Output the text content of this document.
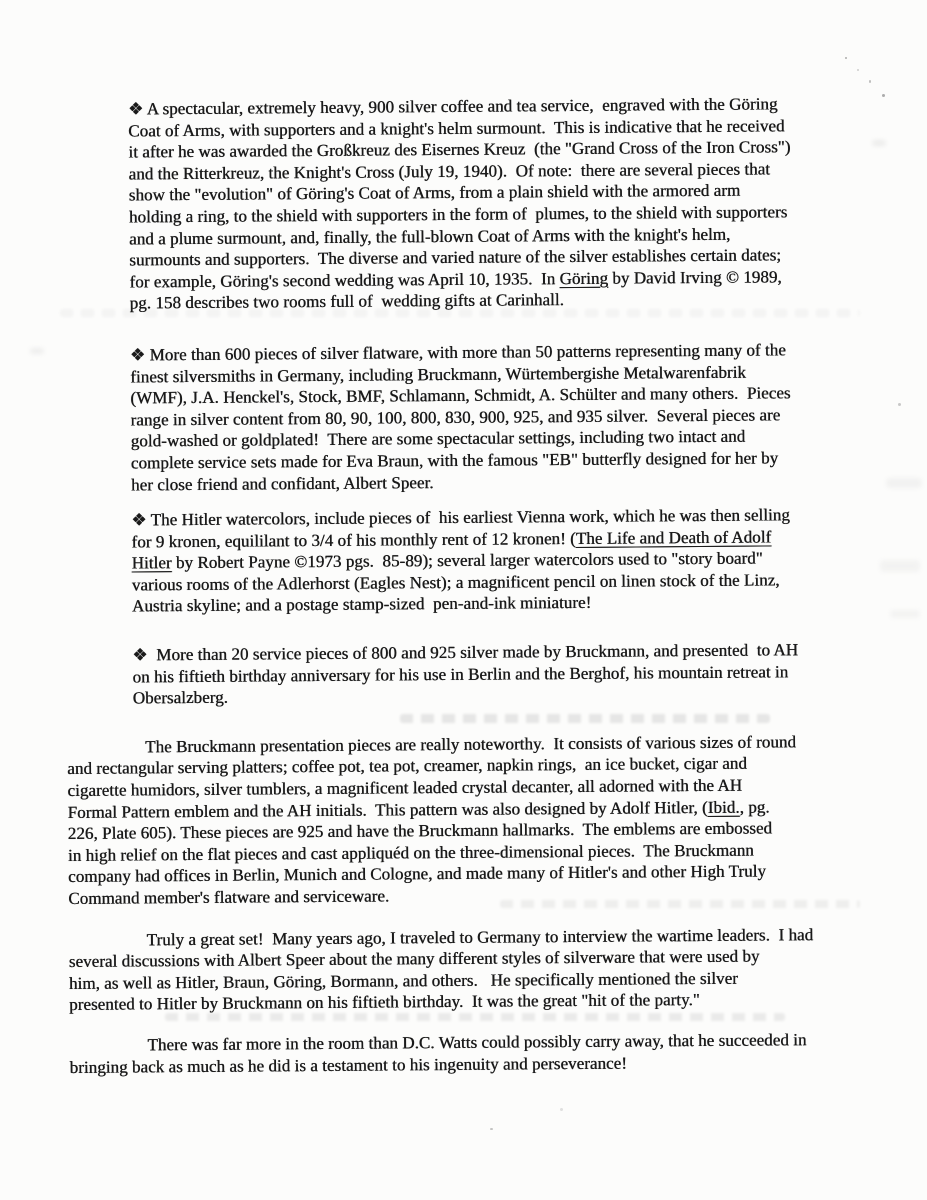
❖ A spectacular, extremely heavy, 900 silver coffee and tea service,  engraved with the Göring
Coat of Arms, with supporters and a knight's helm surmount.  This is indicative that he received
it after he was awarded the Großkreuz des Eisernes Kreuz  (the "Grand Cross of the Iron Cross")
and the Ritterkreuz, the Knight's Cross (July 19, 1940).  Of note:  there are several pieces that
show the "evolution" of Göring's Coat of Arms, from a plain shield with the armored arm
holding a ring, to the shield with supporters in the form of  plumes, to the shield with supporters
and a plume surmount, and, finally, the full-blown Coat of Arms with the knight's helm,
surmounts and supporters.  The diverse and varied nature of the silver establishes certain dates;
for example, Göring's second wedding was April 10, 1935.  In Göring by David Irving © 1989,
pg. 158 describes two rooms full of  wedding gifts at Carinhall.
❖ More than 600 pieces of silver flatware, with more than 50 patterns representing many of the
finest silversmiths in Germany, including Bruckmann, Würtembergishe Metalwarenfabrik
(WMF), J.A. Henckel's, Stock, BMF, Schlamann, Schmidt, A. Schülter and many others.  Pieces
range in silver content from 80, 90, 100, 800, 830, 900, 925, and 935 silver.  Several pieces are
gold-washed or goldplated!  There are some spectacular settings, including two intact and
complete service sets made for Eva Braun, with the famous "EB" butterfly designed for her by
her close friend and confidant, Albert Speer.
❖ The Hitler watercolors, include pieces of  his earliest Vienna work, which he was then selling
for 9 kronen, equililant to 3/4 of his monthly rent of 12 kronen! (The Life and Death of Adolf
Hitler by Robert Payne ©1973 pgs.  85-89); several larger watercolors used to "story board"
various rooms of the Adlerhorst (Eagles Nest); a magnificent pencil on linen stock of the Linz,
Austria skyline; and a postage stamp-sized  pen-and-ink miniature!
❖  More than 20 service pieces of 800 and 925 silver made by Bruckmann, and presented  to AH
on his fiftieth birthday anniversary for his use in Berlin and the Berghof, his mountain retreat in
Obersalzberg.
The Bruckmann presentation pieces are really noteworthy.  It consists of various sizes of round
and rectangular serving platters; coffee pot, tea pot, creamer, napkin rings,  an ice bucket, cigar and
cigarette humidors, silver tumblers, a magnificent leaded crystal decanter, all adorned with the AH
Formal Pattern emblem and the AH initials.  This pattern was also designed by Adolf Hitler, (Ibid., pg.
226, Plate 605). These pieces are 925 and have the Bruckmann hallmarks.  The emblems are embossed
in high relief on the flat pieces and cast appliquéd on the three-dimensional pieces.  The Bruckmann
company had offices in Berlin, Munich and Cologne, and made many of Hitler's and other High Truly
Command member's flatware and serviceware.
Truly a great set!  Many years ago, I traveled to Germany to interview the wartime leaders.  I had
several discussions with Albert Speer about the many different styles of silverware that were used by
him, as well as Hitler, Braun, Göring, Bormann, and others.   He specifically mentioned the silver
presented to Hitler by Bruckmann on his fiftieth birthday.  It was the great "hit of the party."
There was far more in the room than D.C. Watts could possibly carry away, that he succeeded in
bringing back as much as he did is a testament to his ingenuity and perseverance!
